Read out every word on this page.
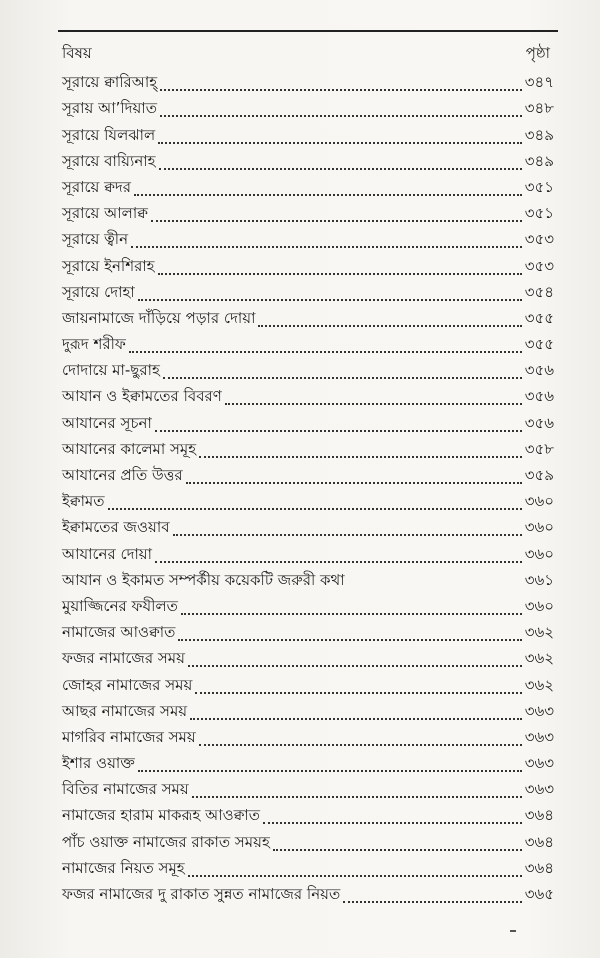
বিষয়	পৃষ্ঠা
সূরায়ে ক্বারিআহ্	৩৪৭
সূরায় আ’দিয়াত	৩৪৮
সূরায়ে যিলঝাল	৩৪৯
সূরায়ে বায়্যিনাহ	৩৪৯
সূরায়ে ক্বদর	৩৫১
সূরায়ে আলাক্ব	৩৫১
সূরায়ে ত্বীন	৩৫৩
সূরায়ে ইনশিরাহ	৩৫৩
সূরায়ে দোহা	৩৫৪
জায়নামাজে দাঁড়িয়ে পড়ার দোয়া	৩৫৫
দুরূদ শরীফ	৩৫৫
দোদায়ে মা-ছুরাহ	৩৫৬
আযান ও ইক্বামতের বিবরণ	৩৫৬
আযানের সূচনা	৩৫৬
আযানের কালেমা সমূহ	৩৫৮
আযানের প্রতি উত্তর	৩৫৯
ইক্বামত	৩৬০
ইক্বামতের জওয়াব	৩৬০
আযানের দোয়া	৩৬০
আযান ও ইকামত সম্পর্কীয় কয়েকটি জরুরী কথা	৩৬১
মুয়াজ্জিনের ফযীলত	৩৬০
নামাজের আওক্বাত	৩৬২
ফজর নামাজের সময়	৩৬২
জোহর নামাজের সময়	৩৬২
আছর নামাজের সময়	৩৬৩
মাগরিব নামাজের সময়	৩৬৩
ইশার ওয়াক্ত	৩৬৩
বিতির নামাজের সময়	৩৬৩
নামাজের হারাম মাকরূহ আওক্বাত	৩৬৪
পাঁচ ওয়াক্ত নামাজের রাকাত সময়হ	৩৬৪
নামাজের নিয়ত সমূহ	৩৬৪
ফজর নামাজের দু রাকাত সুন্নত নামাজের নিয়ত	৩৬৫
